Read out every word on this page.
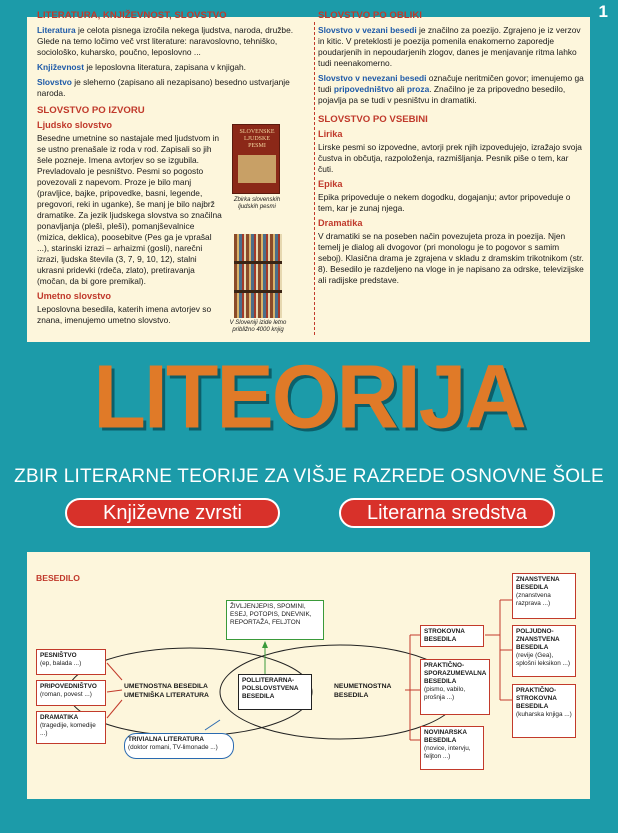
1
LITERATURA, KNJIŽEVNOST, SLOVSTVO

Literatura je celota pisnega izročila nekega ljudstva, naroda, družbe. Glede na temo ločimo več vrst literature: naravoslovno, tehniško, sociološko, kuharsko, poučno, leposlovno ...

Književnost je leposlovna literatura, zapisana v knjigah.

Slovstvo je sleherno (zapisano ali nezapisano) besedno ustvarjanje naroda.

SLOVSTVO PO IZVORU
Ljudsko slovstvo

Besedne umetnine so nastajale med ljudstvom in se ustno prenašale iz roda v rod. Zapisali so jih šele pozneje. Imena avtorjev so se izgubila. Prevladovalo je pesništvo. Pesmi so pogosto povezovali z napevom. Proze je bilo manj (pravljice, bajke, pripovedke, basni, legende, pregovori, reki in uganke), še manj je bilo najbrž dramatike. Za jezik ljudskega slovstva so značilna ponavljanja (plešì, plešì), pomanjševalnice (mizica, deklica), poosebitve (Pes ga je vprašal ...), starinski izrazi – arhaizmi (gosli), narečni izrazi, ljudska števila (3, 7, 9, 10, 12), stalni ukrasni pridevki (rdeča, zlato), pretiravanja (močan, da bi gore premikal).

Umetno slovstvo

Leposlovna besedila, katerih imena avtorjev so znana, imenujemo umetno slovstvo.

SLOVENSKE LJUDSKE PESMI
Zbirka slovenskih ljudskih pesmi
V Sloveniji izide letno približno 4000 knjig
SLOVSTVO PO OBLIKI

Slovstvo v vezani besedi je značilno za poezijo. Zgrajeno je iz verzov in kitic. V preteklosti je poezija pomenila enakomerno zaporedje poudarjenih in nepoudarjenih zlogov, danes je menjavanje ritma lahko tudi neenakomerno.

Slovstvo v nevezani besedi označuje neritmičen govor; imenujemo ga tudi pripovedništvo ali proza. Značilno je za pripovedno besedilo, pojavlja pa se tudi v pesništvu in dramatiki.

SLOVSTVO PO VSEBINI
Lirika

Lirske pesmi so izpovedne, avtorji prek njih izpovedujejo, izražajo svoja čustva in občutja, razpoloženja, razmišljanja. Pesnik piše o tem, kar čuti.

Epika

Epika pripoveduje o nekem dogodku, dogajanju; avtor pripoveduje o tem, kar je zunaj njega.

Dramatika

V dramatiki se na poseben način povezujeta proza in poezija. Njen temelj je dialog ali dvogovor (pri monologu je to pogovor s samim seboj). Klasična drama je zgrajena v skladu z dramskim trikotnikom (str. 8). Besedilo je razdeljeno na vloge in je napisano za odrske, televizijske ali radijske predstave.

LITEORIJA
ZBIR LITERARNE TEORIJE ZA VIŠJE RAZREDE OSNOVNE ŠOLE
Književne zvrsti	Literarna sredstva
BESEDILO
PESNIŠTVO
(ep, balada ...)
PRIPOVEDNIŠTVO
(roman, povest ...)
DRAMATIKA
(tragedije, komedije ...)
UMETNOSTNA BESEDILA
UMETNIŠKA LITERATURA
ŽIVLJENJEPIS, SPOMINI, ESEJ, POTOPIS, DNEVNIK, REPORTAŽA, FELJTON
POLLITERARNA-
POLSLOVSTVENA
BESEDILA
NEUMETNOSTNA
BESEDILA
TRIVIALNA LITERATURA
(doktor romani, TV-limonade ...)
STROKOVNA
BESEDILA
PRAKTIČNO-
SPORAZUMEVALNA
BESEDILA
(pismo, vabilo, prošnja ...)
NOVINARSKA
BESEDILA
(novice, intervju, feljton ...)
ZNANSTVENA
BESEDILA
(znanstvena razprava ...)
POLJUDNO-
ZNANSTVENA
BESEDILA
(revije (Gea), splošni leksikon ...)
PRAKTIČNO-
STROKOVNA
BESEDILA
(kuharska knjiga ...)
